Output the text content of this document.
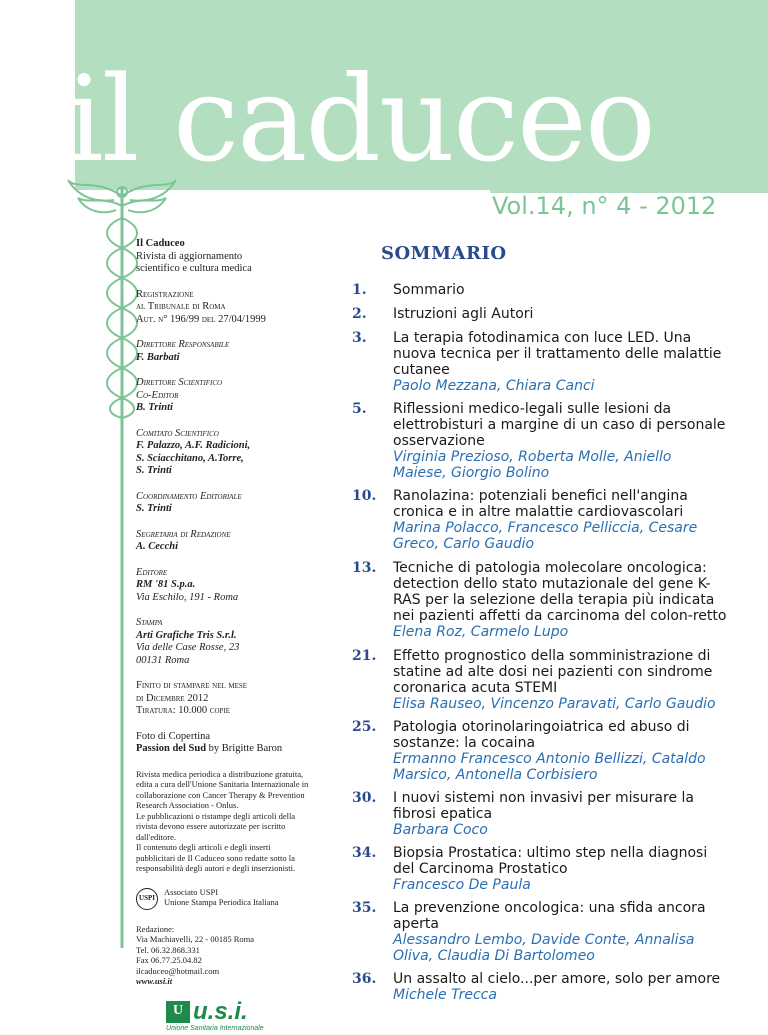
il caduceo
Vol.14, n° 4 - 2012

Il Caduceo
Rivista di aggiornamento
scientifico e cultura medica

Registrazione
al Tribunale di Roma
Aut. n° 196/99 del 27/04/1999

Direttore Responsabile
F. Barbati

Direttore Scientifico
Co-Editor
B. Trinti

Comitato Scientifico
F. Palazzo, A.F. Radicioni,
S. Sciacchitano, A.Torre,
S. Trinti

Coordinamento Editoriale
S. Trinti

Segretaria di Redazione
A. Cecchi

Editore
RM '81 S.p.a.
Via Eschilo, 191 - Roma

Stampa
Arti Grafiche Tris S.r.l.
Via delle Case Rosse, 23
00131 Roma

Finito di stampare nel mese
di Dicembre 2012
Tiratura: 10.000 copie

Foto di Copertina
Passion del Sud by Brigitte Baron

Rivista medica periodica a distribuzione gratuita, edita a cura dell'Unione Sanitaria Internazionale in collaborazione con Cancer Therapy & Prevention Research Association - Onlus.
Le pubblicazioni o ristampe degli articoli della rivista devono essere autorizzate per iscritto dall'editore.
Il contenuto degli articoli e degli inserti pubblicitari de Il Caduceo sono redatte sotto la responsabilità degli autori e degli inserzionisti.

USPI
Associato USPI
Unione Stampa Periodica Italiana

Redazione:
Via Machiavelli, 22 - 00185 Roma
Tel. 06.32.868.331
Fax 06.77.25.04.82
ilcaduceo@hotmail.com
www.usi.it

U u.s.i.
Unione Sanitaria Internazionale
SOMMARIO
1.	Sommario
2.	Istruzioni agli Autori
3.	La terapia fotodinamica con luce LED. Una nuova tecnica per il trattamento delle malattie cutanee
Paolo Mezzana, Chiara Canci
5.	Riflessioni medico-legali sulle lesioni da elettrobisturi a margine di un caso di personale osservazione
Virginia Prezioso, Roberta Molle, Aniello Maiese, Giorgio Bolino
10.	Ranolazina: potenziali benefici nell'angina cronica e in altre malattie cardiovascolari
Marina Polacco, Francesco Pelliccia, Cesare Greco, Carlo Gaudio
13.	Tecniche di patologia molecolare oncologica: detection dello stato mutazionale del gene K-RAS per la selezione della terapia più indicata nei pazienti affetti da carcinoma del colon-retto
Elena Roz, Carmelo Lupo
21.	Effetto prognostico della somministrazione di statine ad alte dosi nei pazienti con sindrome coronarica acuta STEMI
Elisa Rauseo, Vincenzo Paravati, Carlo Gaudio
25.	Patologia otorinolaringoiatrica ed abuso di sostanze: la cocaina
Ermanno Francesco Antonio Bellizzi, Cataldo Marsico, Antonella Corbisiero
30.	I nuovi sistemi non invasivi per misurare la fibrosi epatica
Barbara Coco
34.	Biopsia Prostatica: ultimo step nella diagnosi del Carcinoma Prostatico
Francesco De Paula
35.	La prevenzione oncologica: una sfida ancora aperta
Alessandro Lembo, Davide Conte, Annalisa Oliva, Claudia Di Bartolomeo
36.	Un assalto al cielo...per amore, solo per amore
Michele Trecca
